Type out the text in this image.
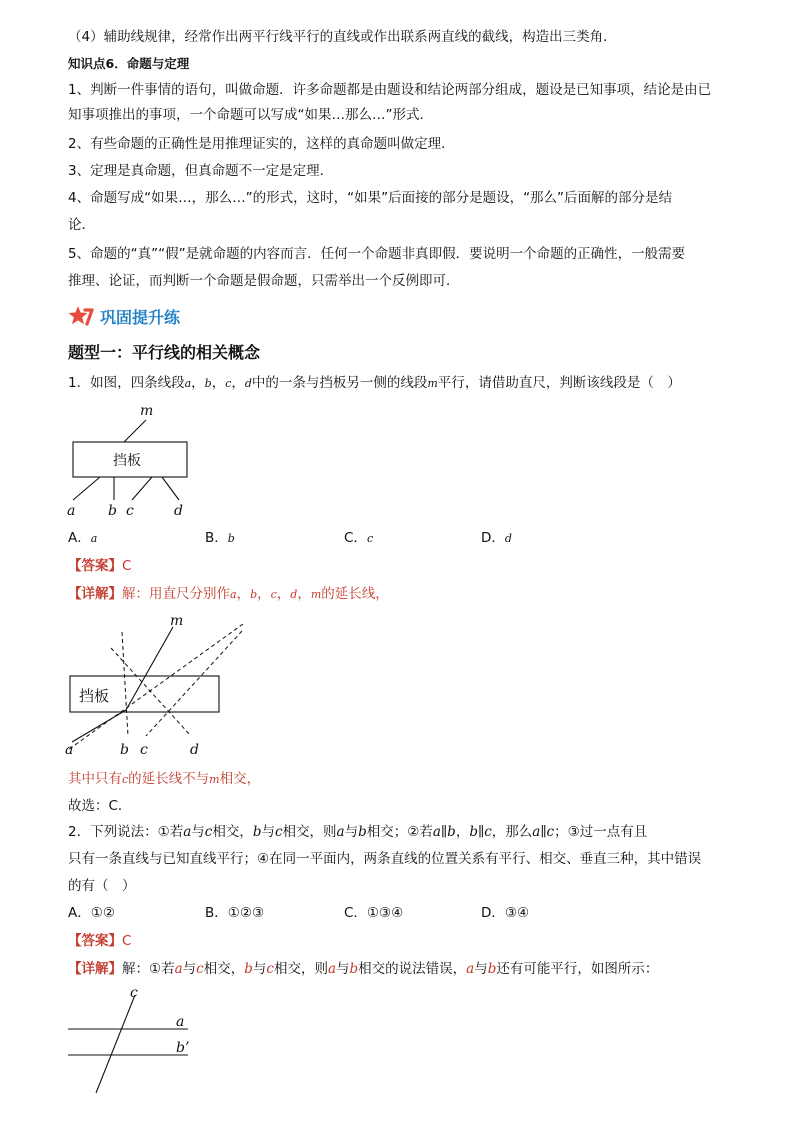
（4）辅助线规律，经常作出两平行线平行的直线或作出联系两直线的截线，构造出三类角．
知识点6．命题与定理
1、判断一件事情的语句，叫做命题．许多命题都是由题设和结论两部分组成，题设是已知事项，结论是由已
知事项推出的事项，一个命题可以写成“如果…那么…”形式．
2、有些命题的正确性是用推理证实的，这样的真命题叫做定理．
3、定理是真命题，但真命题不一定是定理．
4、命题写成“如果…，那么…”的形式，这时，“如果”后面接的部分是题设，“那么”后面解的部分是结
论．
5、命题的“真”“假”是就命题的内容而言．任何一个命题非真即假．要说明一个命题的正确性，一般需要
推理、论证，而判断一个命题是假命题，只需举出一个反例即可．
巩固提升练
题型一：平行线的相关概念
1．如图，四条线段a，b，c，d中的一条与挡板另一侧的线段m平行，请借助直尺，判断该线段是（　）
m
挡板
a b c	d
A．a	B．b	C．c	D．d
【答案】C
【详解】解：用直尺分别作a，b，c，d，m的延长线，
挡板
m
a	b c	d
其中只有c的延长线不与m相交，
故选：C．
2．下列说法：①若a与c相交，b与c相交，则a与b相交；②若a∥b，b∥c，那么a∥c；③过一点有且
只有一条直线与已知直线平行；④在同一平面内，两条直线的位置关系有平行、相交、垂直三种，其中错误
的有（　）
A．①②	B．①②③	C．①③④	D．③④
【答案】C
【详解】解：①若a与c相交，b与c相交，则a与b相交的说法错误，a与b还有可能平行，如图所示：
c
a
b’
